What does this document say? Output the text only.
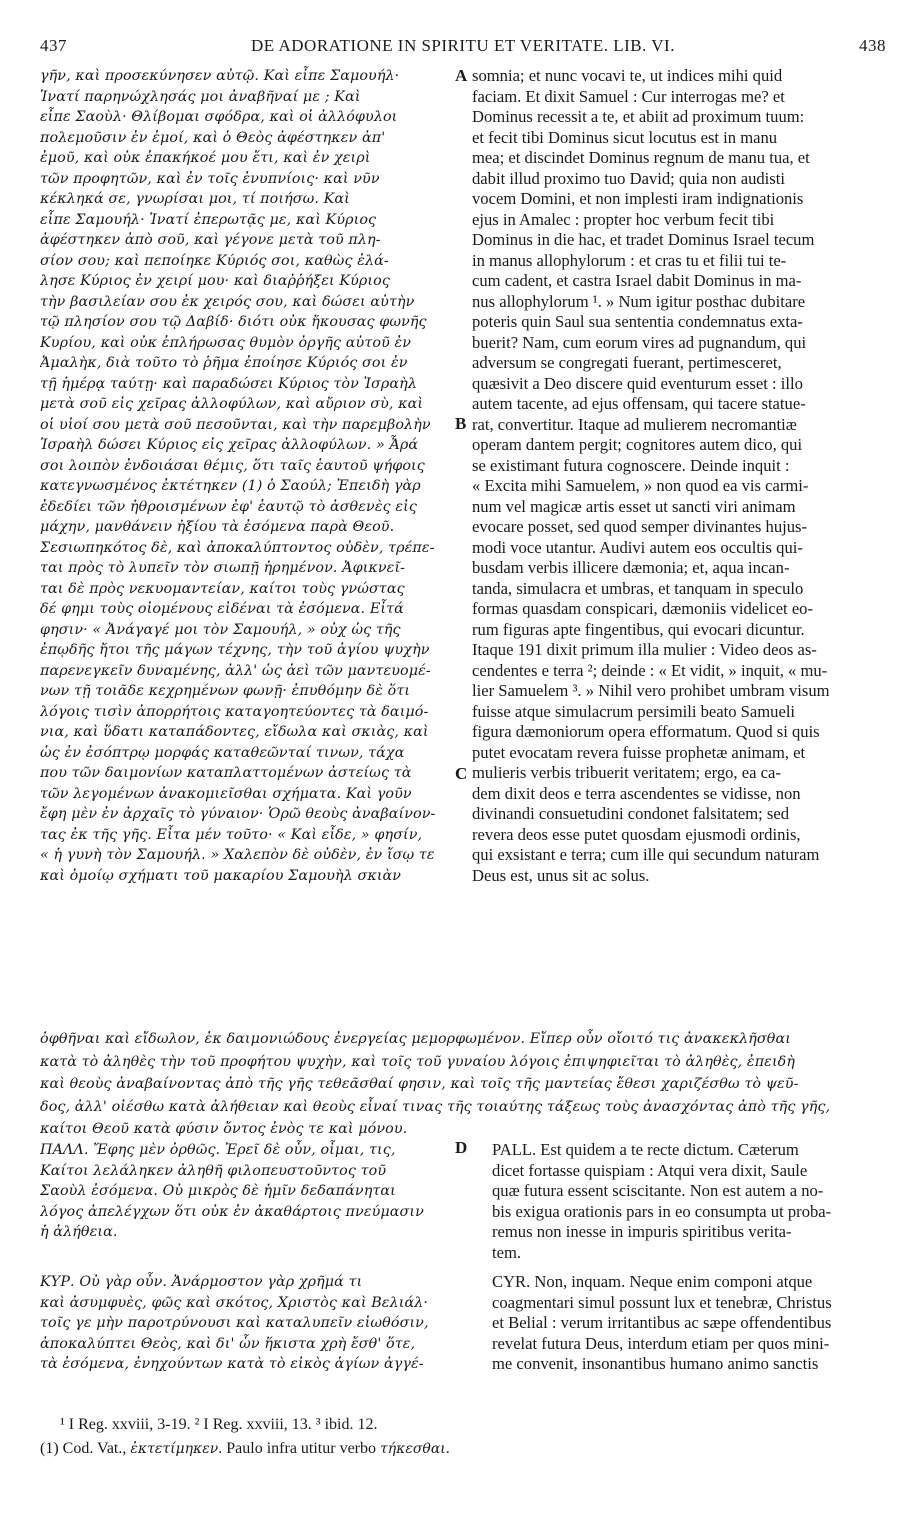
437	DE ADORATIONE IN SPIRITU ET VERITATE. LIB. VI.	438
γῆν, καὶ προσεκύνησεν αὐτῷ. Καὶ εἶπε Σαμουήλ·
Ἱνατί παρηνώχλησάς μοι ἀναβῆναί με ; Καὶ
εἶπε Σαοὺλ· Θλίβομαι σφόδρα, καὶ οἱ ἀλλόφυλοι
πολεμοῦσιν ἐν ἐμοί, καὶ ὁ Θεὸς ἀφέστηκεν ἀπ'
ἐμοῦ, καὶ οὐκ ἐπακήκοέ μου ἔτι, καὶ ἐν χειρὶ
τῶν προφητῶν, καὶ ἐν τοῖς ἐνυπνίοις· καὶ νῦν
κέκληκά σε, γνωρίσαι μοι, τί ποιήσω. Καὶ
εἶπε Σαμουήλ· Ἱνατί ἐπερωτᾷς με, καὶ Κύριος
ἀφέστηκεν ἀπὸ σοῦ, καὶ γέγονε μετὰ τοῦ πλη-
σίον σου; καὶ πεποίηκε Κύριός σοι, καθὼς ἐλά-
λησε Κύριος ἐν χειρί μου· καὶ διαῤῥήξει Κύριος
τὴν βασιλείαν σου ἐκ χειρός σου, καὶ δώσει αὐτὴν
τῷ πλησίον σου τῷ Δαβίδ· διότι οὐκ ἤκουσας φωνῆς
Κυρίου, καὶ οὐκ ἐπλήρωσας θυμὸν ὀργῆς αὐτοῦ ἐν
Ἀμαλὴκ, διὰ τοῦτο τὸ ῥῆμα ἐποίησε Κύριός σοι ἐν
τῇ ἡμέρᾳ ταύτῃ· καὶ παραδώσει Κύριος τὸν Ἰσραὴλ
μετὰ σοῦ εἰς χεῖρας ἀλλοφύλων, καὶ αὔριον σὺ, καὶ
οἱ υἱοί σου μετὰ σοῦ πεσοῦνται, καὶ τὴν παρεμβολὴν
Ἰσραὴλ δώσει Κύριος εἰς χεῖρας ἀλλοφύλων. » Ἆρά
σοι λοιπὸν ἐνδοιάσαι θέμις, ὅτι ταῖς ἑαυτοῦ ψήφοις
κατεγνωσμένος ἐκτέτηκεν (1) ὁ Σαούλ; Ἐπειδὴ γὰρ
ἐδεδίει τῶν ἠθροισμένων ἐφ' ἑαυτῷ τὸ ἀσθενὲς εἰς
μάχην, μανθάνειν ἠξίου τὰ ἐσόμενα παρὰ Θεοῦ.
Σεσιωπηκότος δὲ, καὶ ἀποκαλύπτοντος οὐδὲν, τρέπε-
ται πρὸς τὸ λυπεῖν τὸν σιωπῇ ἠρημένον. Ἀφικνεῖ-
ται δὲ πρὸς νεκυομαντείαν, καίτοι τοὺς γνώστας
δέ φημι τοὺς οἰομένους εἰδέναι τὰ ἐσόμενα. Εἶτά
φησιν· « Ἀνάγαγέ μοι τὸν Σαμουήλ, » οὐχ ὡς τῆς
ἐπῳδῆς ἤτοι τῆς μάγων τέχνης, τὴν τοῦ ἁγίου ψυχὴν
παρενεγκεῖν δυναμένης, ἀλλ' ὡς ἀεὶ τῶν μαντευομέ-
νων τῇ τοιᾶδε κεχρημένων φωνῇ· ἐπυθόμην δὲ ὅτι
λόγοις τισὶν ἀπορρήτοις καταγοητεύοντες τὰ δαιμό-
νια, καὶ ὕδατι καταπάδοντες, εἴδωλα καὶ σκιὰς, καὶ
ὡς ἐν ἐσόπτρῳ μορφάς καταθεῶνταί τινων, τάχα
που τῶν δαιμονίων καταπλαττομένων ἀστείως τὰ
τῶν λεγομένων ἀνακομιεῖσθαι σχήματα. Καὶ γοῦν
ἔφη μὲν ἐν ἀρχαῖς τὸ γύναιον· Ὁρῶ θεοὺς ἀναβαίνον-
τας ἐκ τῆς γῆς. Εἶτα μέν τοῦτο· « Καὶ εἶδε, » φησίν,
« ἡ γυνὴ τὸν Σαμουήλ. » Χαλεπὸν δὲ οὐδὲν, ἐν ἴσῳ τε
καὶ ὁμοίῳ σχήματι τοῦ μακαρίου Σαμουὴλ σκιὰν
somnia; et nunc vocavi te, ut indices mihi quid
faciam. Et dixit Samuel : Cur interrogas me? et
Dominus recessit a te, et abiit ad proximum tuum:
et fecit tibi Dominus sicut locutus est in manu
mea; et discindet Dominus regnum de manu tua, et
dabit illud proximo tuo David; quia non audisti
vocem Domini, et non implesti iram indignationis
ejus in Amalec : propter hoc verbum fecit tibi
Dominus in die hac, et tradet Dominus Israel tecum
in manus allophylorum : et cras tu et filii tui te-
cum cadent, et castra Israel dabit Dominus in ma-
nus allophylorum ¹. » Num igitur posthac dubitare
poteris quin Saul sua sententia condemnatus exta-
buerit? Nam, cum eorum vires ad pugnandum, qui
adversum se congregati fuerant, pertimesceret,
quæsivit a Deo discere quid eventurum esset : illo
autem tacente, ad ejus offensam, qui tacere statue-
rat, convertitur. Itaque ad mulierem necromantiæ
operam dantem pergit; cognitores autem dico, qui
se existimant futura cognoscere. Deinde inquit :
« Excita mihi Samuelem, » non quod ea vis carmi-
num vel magicæ artis esset ut sancti viri animam
evocare posset, sed quod semper divinantes hujus-
modi voce utantur. Audivi autem eos occultis qui-
busdam verbis illicere dæmonia; et, aqua incan-
tanda, simulacra et umbras, et tanquam in speculo
formas quasdam conspicari, dæmoniis videlicet eo-
rum figuras apte fingentibus, qui evocari dicuntur.
Itaque 191 dixit primum illa mulier : Video deos as-
cendentes e terra ²; deinde : « Et vidit, » inquit, « mu-
lier Samuelem ³. » Nihil vero prohibet umbram visum
fuisse atque simulacrum persimili beato Samueli
figura dæmoniorum opera efformatum. Quod si quis
putet evocatam revera fuisse prophetæ animam, et
mulieris verbis tribuerit veritatem; ergo, ea ca-
dem dixit deos e terra ascendentes se vidisse, non
divinandi consuetudini condonet falsitatem; sed
revera deos esse putet quosdam ejusmodi ordinis,
qui exsistant e terra; cum ille qui secundum naturam
Deus est, unus sit ac solus.
A
B
C
D
ὀφθῆναι καὶ εἴδωλον, ἐκ δαιμονιώδους ἐνεργείας μεμορφωμένον. Εἴπερ οὖν οἴοιτό τις ἀνακεκλῆσθαι
κατὰ τὸ ἀληθὲς τὴν τοῦ προφήτου ψυχὴν, καὶ τοῖς τοῦ γυναίου λόγοις ἐπιψηφιεῖται τὸ ἀληθὲς, ἐπειδὴ
καὶ θεοὺς ἀναβαίνοντας ἀπὸ τῆς γῆς τεθεᾶσθαί φησιν, καὶ τοῖς τῆς μαντείας ἔθεσι χαριζέσθω τὸ ψεῦ-
δος, ἀλλ' οἰέσθω κατὰ ἀλήθειαν καὶ θεοὺς εἶναί τινας τῆς τοιαύτης τάξεως τοὺς ἀνασχόντας ἀπὸ τῆς γῆς,
καίτοι Θεοῦ κατὰ φύσιν ὄντος ἑνὸς τε καὶ μόνου.
ΠΑΛΛ. Ἔφης μὲν ὀρθῶς. Ἐρεῖ δὲ οὖν, οἶμαι, τις,
Καίτοι λελάληκεν ἀληθῆ φιλοπευστοῦντος τοῦ
Σαοὺλ ἐσόμενα. Οὐ μικρὸς δὲ ἡμῖν δεδαπάνηται
λόγος ἀπελέγχων ὅτι οὐκ ἐν ἀκαθάρτοις πνεύμασιν
ἡ ἀλήθεια.
PALL. Est quidem a te recte dictum. Cæterum
dicet fortasse quispiam : Atqui vera dixit, Saule
quæ futura essent sciscitante. Non est autem a no-
bis exigua orationis pars in eo consumpta ut proba-
remus non inesse in impuris spiritibus verita-
tem.
ΚΥΡ. Οὐ γὰρ οὖν. Ἀνάρμοστον γὰρ χρῆμά τι
καὶ ἀσυμφυὲς, φῶς καὶ σκότος, Χριστὸς καὶ Βελιάλ·
τοῖς γε μὴν παροτρύνουσι καὶ καταλυπεῖν εἰωθόσιν,
ἀποκαλύπτει Θεὸς, καὶ δι' ὧν ἥκιστα χρὴ ἔσθ' ὅτε,
τὰ ἐσόμενα, ἐνηχούντων κατὰ τὸ εἰκὸς ἁγίων ἀγγέ-
CYR. Non, inquam. Neque enim componi atque
coagmentari simul possunt lux et tenebræ, Christus
et Belial : verum irritantibus ac sæpe offendentibus
revelat futura Deus, interdum etiam per quos mini-
me convenit, insonantibus humano animo sanctis
¹ I Reg. xxviii, 3-19. ² I Reg. xxviii, 13. ³ ibid. 12.
(1) Cod. Vat., ἐκτετίμηκεν. Paulo infra utitur verbo τήκεσθαι.
